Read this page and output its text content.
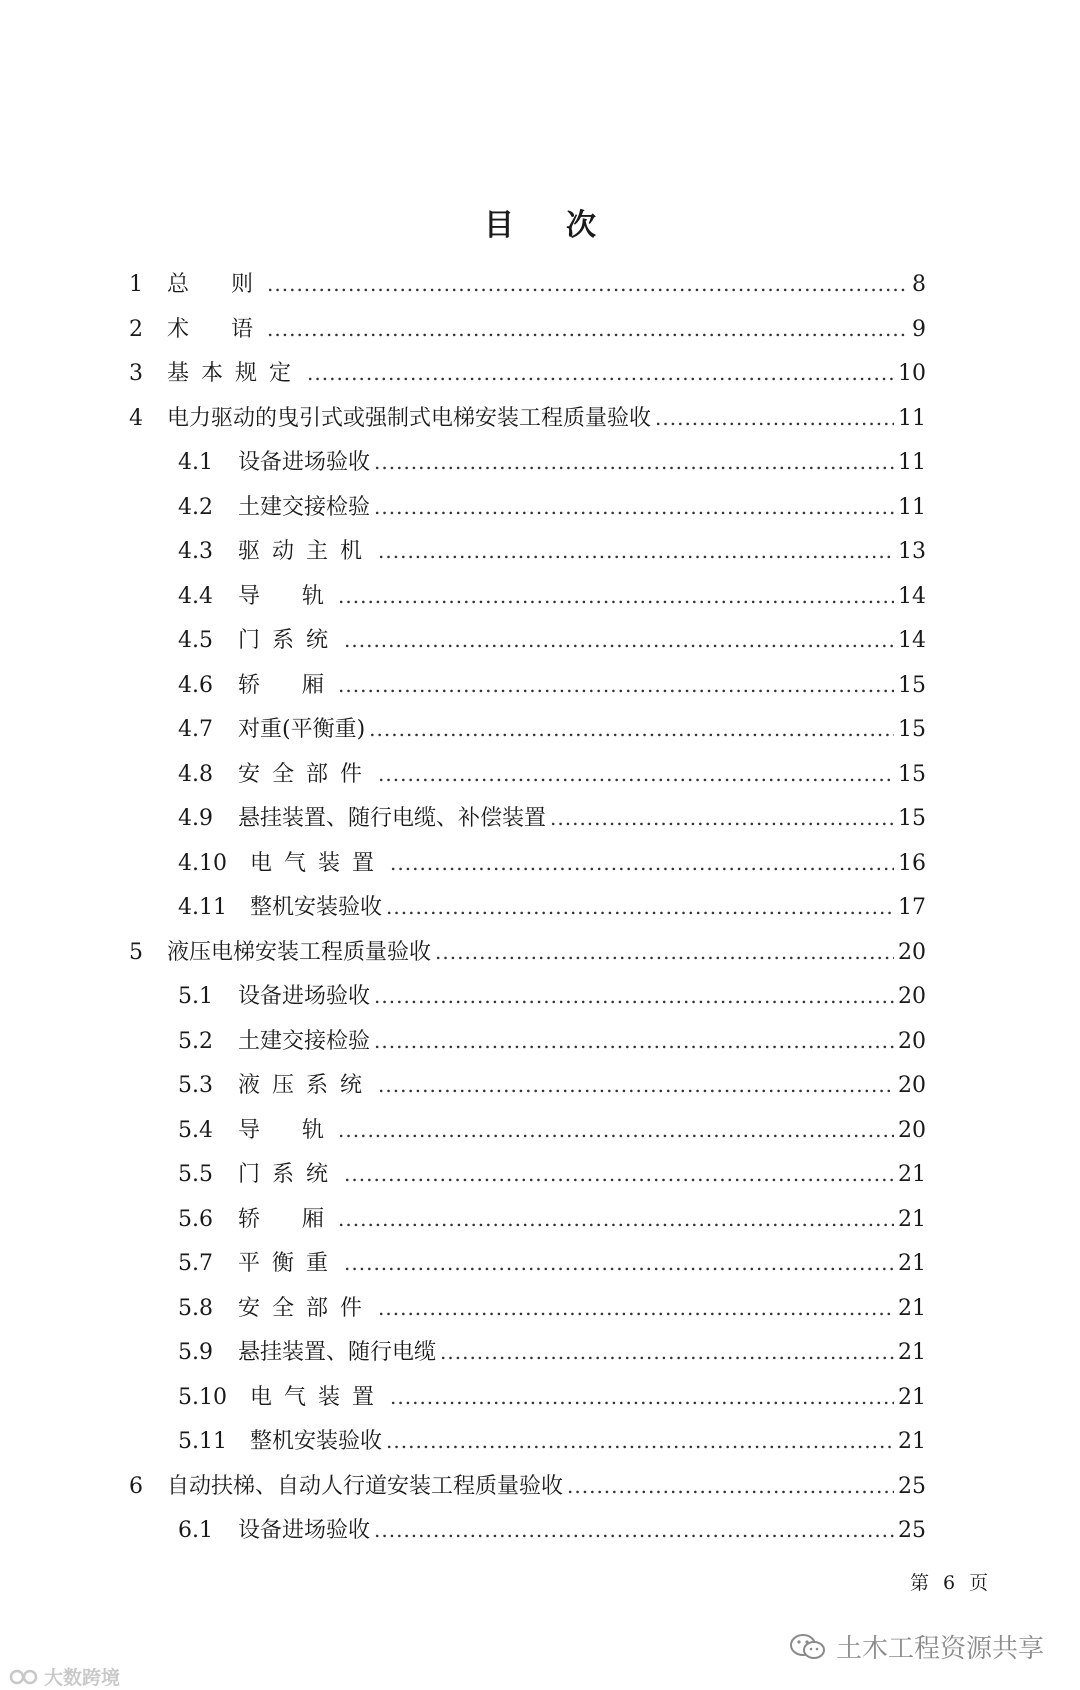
目次
1	总　则 .....	8
2	术　语 .....	9
3	基本规定 .....	10
4	电力驱动的曳引式或强制式电梯安装工程质量验收 .....	11
4.1	设备进场验收 .....	11
4.2	土建交接检验 .....	11
4.3	驱动主机 .....	13
4.4	导　轨 .....	14
4.5	门系统 .....	14
4.6	轿　厢 .....	15
4.7	对重(平衡重) .....	15
4.8	安全部件 .....	15
4.9	悬挂装置、随行电缆、补偿装置 .....	15
4.10	电气装置 .....	16
4.11	整机安装验收 .....	17
5	液压电梯安装工程质量验收 .....	20
5.1	设备进场验收 .....	20
5.2	土建交接检验 .....	20
5.3	液压系统 .....	20
5.4	导　轨 .....	20
5.5	门系统 .....	21
5.6	轿　厢 .....	21
5.7	平衡重 .....	21
5.8	安全部件 .....	21
5.9	悬挂装置、随行电缆 .....	21
5.10	电气装置 .....	21
5.11	整机安装验收 .....	21
6	自动扶梯、自动人行道安装工程质量验收 .....	25
6.1	设备进场验收 .....	25
第 6 页
大数跨境
土木工程资源共享
